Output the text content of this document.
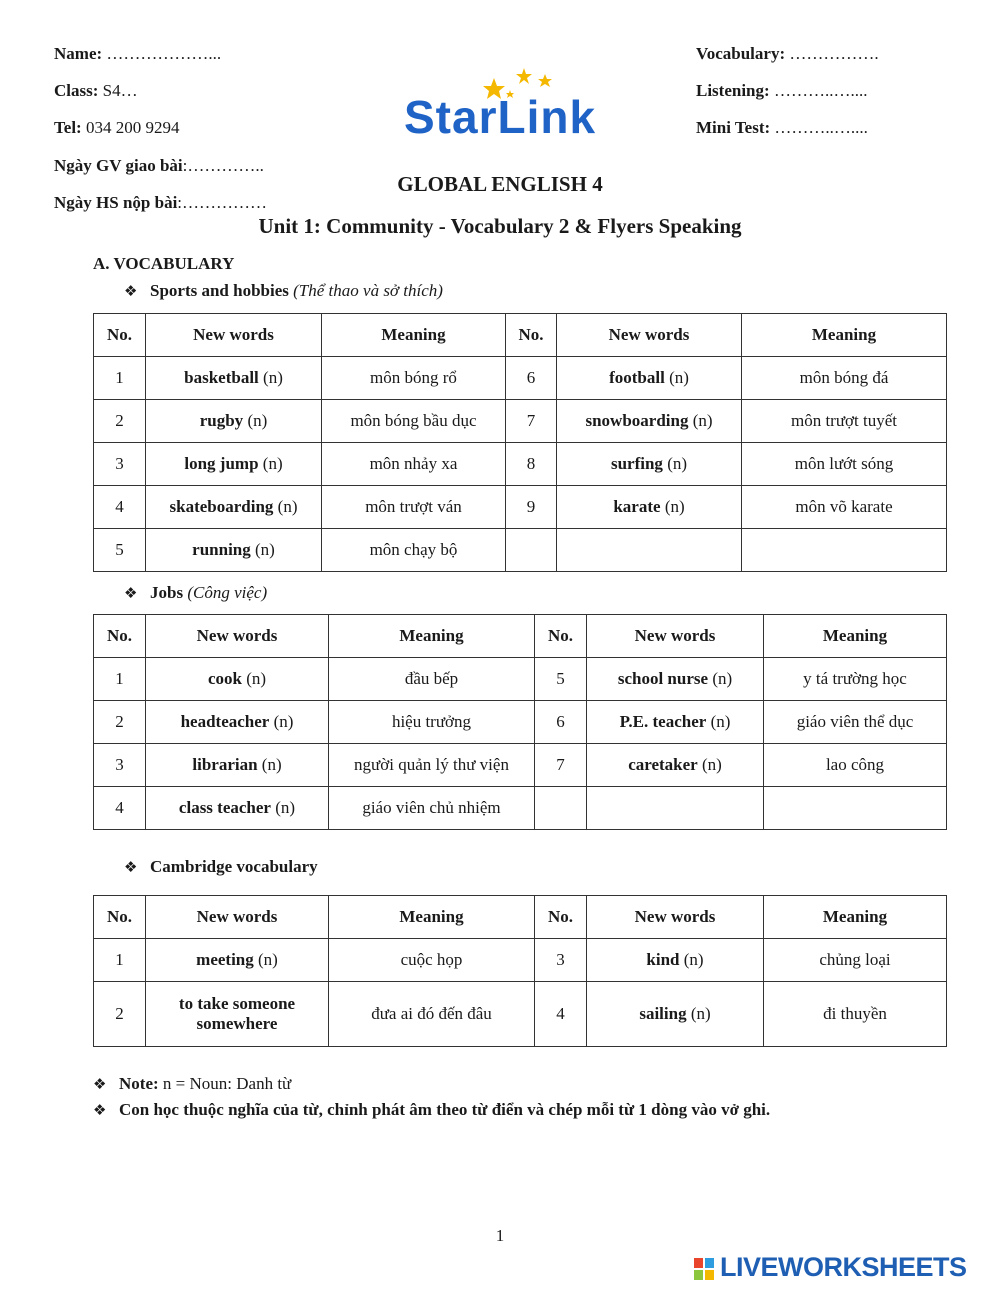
Name: ………………...
Class: S4…
Tel: 034 200 9294
Ngày GV giao bài:…………..
Ngày HS nộp bài:……………
Vocabulary: …………….
Listening: ………..…....
Mini Test: ………..…....
StarLink
GLOBAL ENGLISH 4
Unit 1: Community - Vocabulary 2 & Flyers Speaking
A. VOCABULARY
❖ Sports and hobbies (Thể thao và sở thích)
No.	New words	Meaning	No.	New words	Meaning
1	basketball (n)	môn bóng rổ	6	football (n)	môn bóng đá
2	rugby (n)	môn bóng bầu dục	7	snowboarding (n)	môn trượt tuyết
3	long jump (n)	môn nhảy xa	8	surfing (n)	môn lướt sóng
4	skateboarding (n)	môn trượt ván	9	karate (n)	môn võ karate
5	running (n)	môn chạy bộ			
❖ Jobs (Công việc)
No.	New words	Meaning	No.	New words	Meaning
1	cook (n)	đầu bếp	5	school nurse (n)	y tá trường học
2	headteacher (n)	hiệu trưởng	6	P.E. teacher (n)	giáo viên thể dục
3	librarian (n)	người quản lý thư viện	7	caretaker (n)	lao công
4	class teacher (n)	giáo viên chủ nhiệm			
❖ Cambridge vocabulary
No.	New words	Meaning	No.	New words	Meaning
1	meeting (n)	cuộc họp	3	kind (n)	chủng loại
2	to take someone somewhere	đưa ai đó đến đâu	4	sailing (n)	đi thuyền
❖ Note: n = Noun: Danh từ
❖ Con học thuộc nghĩa của từ, chỉnh phát âm theo từ điển và chép mỗi từ 1 dòng vào vở ghi.
1
LIVEWORKSHEETS
